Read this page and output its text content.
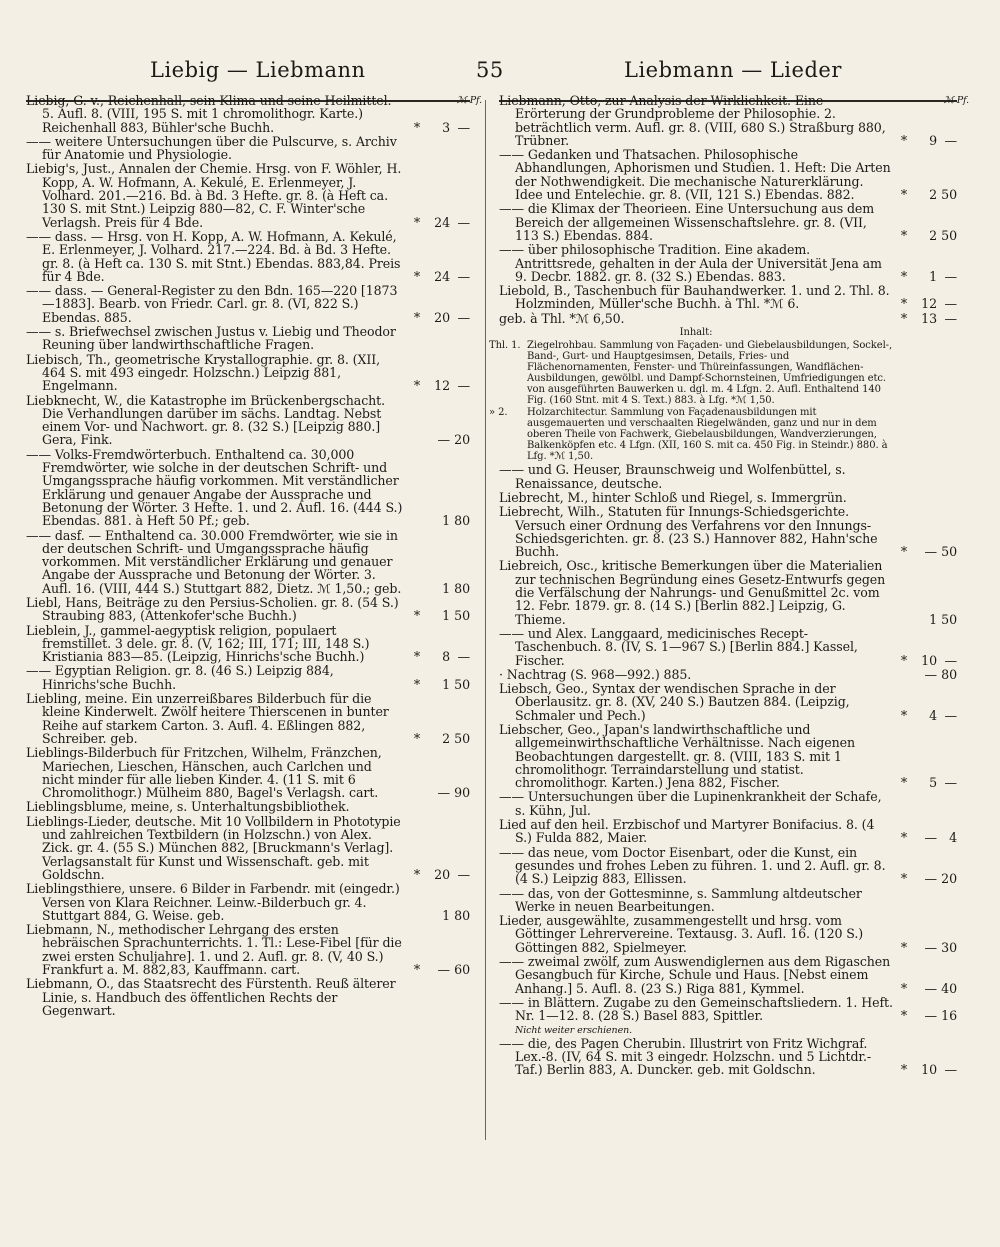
Liebig — Liebmann	55	Liebmann — Lieder
ℳ Pf.
Liebig, G. v., Reichenhall, sein Klima und seine Heilmittel. 5. Aufl. 8. (VIII, 195 S. mit 1 chromolithogr. Karte.) Reichenhall 883, Bühler'sche Buchh.	* 3 —
—— weitere Untersuchungen über die Pulscurve, s. Archiv für Anatomie und Physiologie.
Liebig's, Just., Annalen der Chemie. Hrsg. von F. Wöhler, H. Kopp, A. W. Hofmann, A. Kekulé, E. Erlenmeyer, J. Volhard. 201.—216. Bd. à Bd. 3 Hefte. gr. 8. (à Heft ca. 130 S. mit Stnt.) Leipzig 880—82, C. F. Winter'sche Verlagsh. Preis für 4 Bde.	* 24 —
—— dass. — Hrsg. von H. Kopp, A. W. Hofmann, A. Kekulé, E. Erlenmeyer, J. Volhard. 217.—224. Bd. à Bd. 3 Hefte. gr. 8. (à Heft ca. 130 S. mit Stnt.) Ebendas. 883,84. Preis für 4 Bde.	* 24 —
—— dass. — General-Register zu den Bdn. 165—220 [1873—1883]. Bearb. von Friedr. Carl. gr. 8. (VI, 822 S.) Ebendas. 885.	* 20 —
—— s. Briefwechsel zwischen Justus v. Liebig und Theodor Reuning über landwirthschaftliche Fragen.
Liebisch, Th., geometrische Krystallographie. gr. 8. (XII, 464 S. mit 493 eingedr. Holzschn.) Leipzig 881, Engelmann.	* 12 —
Liebknecht, W., die Katastrophe im Brückenbergschacht. Die Verhandlungen darüber im sächs. Landtag. Nebst einem Vor- und Nachwort. gr. 8. (32 S.) [Leipzig 880.] Gera, Fink.	— 20
—— Volks-Fremdwörterbuch. Enthaltend ca. 30,000 Fremdwörter, wie solche in der deutschen Schrift- und Umgangssprache häufig vorkommen. Mit verständlicher Erklärung und genauer Angabe der Aussprache und Betonung der Wörter. 3 Hefte. 1. und 2. Aufl. 16. (444 S.) Ebendas. 881. à Heft 50 Pf.; geb.	1 80
—— dasf. — Enthaltend ca. 30.000 Fremdwörter, wie sie in der deutschen Schrift- und Umgangssprache häufig vorkommen. Mit verständlicher Erklärung und genauer Angabe der Aussprache und Betonung der Wörter. 3. Aufl. 16. (VIII, 444 S.) Stuttgart 882, Dietz. ℳ 1,50.; geb.	1 80
Liebl, Hans, Beiträge zu den Persius-Scholien. gr. 8. (54 S.) Straubing 883, (Attenkofer'sche Buchh.)	* 1 50
Lieblein, J., gammel-aegyptisk religion, populaert fremstillet. 3 dele. gr. 8. (V, 162; III, 171; III, 148 S.) Kristiania 883—85. (Leipzig, Hinrichs'sche Buchh.)	* 8 —
—— Egyptian Religion. gr. 8. (46 S.) Leipzig 884, Hinrichs'sche Buchh.	* 1 50
Liebling, meine. Ein unzerreißbares Bilderbuch für die kleine Kinderwelt. Zwölf heitere Thierscenen in bunter Reihe auf starkem Carton. 3. Aufl. 4. Eßlingen 882, Schreiber. geb.	* 2 50
Lieblings-Bilderbuch für Fritzchen, Wilhelm, Fränzchen, Mariechen, Lieschen, Hänschen, auch Carlchen und nicht minder für alle lieben Kinder. 4. (11 S. mit 6 Chromolithogr.) Mülheim 880, Bagel's Verlagsh. cart.	— 90
Lieblingsblume, meine, s. Unterhaltungsbibliothek.
Lieblings-Lieder, deutsche. Mit 10 Vollbildern in Phototypie und zahlreichen Textbildern (in Holzschn.) von Alex. Zick. gr. 4. (55 S.) München 882, [Bruckmann's Verlag]. Verlagsanstalt für Kunst und Wissenschaft. geb. mit Goldschn.	* 20 —
Lieblingsthiere, unsere. 6 Bilder in Farbendr. mit (eingedr.) Versen von Klara Reichner. Leinw.-Bilderbuch gr. 4. Stuttgart 884, G. Weise. geb.	1 80
Liebmann, N., methodischer Lehrgang des ersten hebräischen Sprachunterrichts. 1. Tl.: Lese-Fibel [für die zwei ersten Schuljahre]. 1. und 2. Aufl. gr. 8. (V, 40 S.) Frankfurt a. M. 882,83, Kauffmann. cart.	* — 60
Liebmann, O., das Staatsrecht des Fürstenth. Reuß älterer Linie, s. Handbuch des öffentlichen Rechts der Gegenwart.
ℳ Pf.
Liebmann, Otto, zur Analysis der Wirklichkeit. Eine Erörterung der Grundprobleme der Philosophie. 2. beträchtlich verm. Aufl. gr. 8. (VIII, 680 S.) Straßburg 880, Trübner.	* 9 —
—— Gedanken und Thatsachen. Philosophische Abhandlungen, Aphorismen und Studien. 1. Heft: Die Arten der Nothwendigkeit. Die mechanische Naturerklärung. Idee und Entelechie. gr. 8. (VII, 121 S.) Ebendas. 882.	* 2 50
—— die Klimax der Theorieen. Eine Untersuchung aus dem Bereich der allgemeinen Wissenschaftslehre. gr. 8. (VII, 113 S.) Ebendas. 884.	* 2 50
—— über philosophische Tradition. Eine akadem. Antrittsrede, gehalten in der Aula der Universität Jena am 9. Decbr. 1882. gr. 8. (32 S.) Ebendas. 883.	* 1 —
Liebold, B., Taschenbuch für Bauhandwerker. 1. und 2. Thl. 8. Holzminden, Müller'sche Buchh. à Thl. *ℳ 6.	* 12 —
geb. à Thl. *ℳ 6,50.	* 13 —
Inhalt:
Thl. 1. Ziegelrohbau. Sammlung von Façaden- und Giebelausbildungen, Sockel-, Band-, Gurt- und Hauptgesimsen, Details, Fries- und Flächenornamenten, Fenster- und Thüreinfassungen, Wandflächen-Ausbildungen, gewölbl. und Dampf-Schornsteinen, Umfriedigungen etc. von ausgeführten Bauwerken u. dgl. m. 4 Lfgn. 2. Aufl. Enthaltend 140 Fig. (160 Stnt. mit 4 S. Text.) 883. à Lfg. *ℳ 1,50.
» 2. Holzarchitectur. Sammlung von Façadenausbildungen mit ausgemauerten und verschaalten Riegelwänden, ganz und nur in dem oberen Theile von Fachwerk, Giebelausbildungen, Wandverzierungen, Balkenköpfen etc. 4 Lfgn. (XII, 160 S. mit ca. 450 Fig. in Steindr.) 880. à Lfg. *ℳ 1,50.
—— und G. Heuser, Braunschweig und Wolfenbüttel, s. Renaissance, deutsche.
Liebrecht, M., hinter Schloß und Riegel, s. Immergrün.
Liebrecht, Wilh., Statuten für Innungs-Schiedsgerichte. Versuch einer Ordnung des Verfahrens vor den Innungs-Schiedsgerichten. gr. 8. (23 S.) Hannover 882, Hahn'sche Buchh.	* — 50
Liebreich, Osc., kritische Bemerkungen über die Materialien zur technischen Begründung eines Gesetz-Entwurfs gegen die Verfälschung der Nahrungs- und Genußmittel 2c. vom 12. Febr. 1879. gr. 8. (14 S.) [Berlin 882.] Leipzig, G. Thieme.	1 50
—— und Alex. Langgaard, medicinisches Recept-Taschenbuch. 8. (IV, S. 1—967 S.) [Berlin 884.] Kassel, Fischer.	* 10 —
· Nachtrag (S. 968—992.) 885.	— 80
Liebsch, Geo., Syntax der wendischen Sprache in der Oberlausitz. gr. 8. (XV, 240 S.) Bautzen 884. (Leipzig, Schmaler und Pech.)	* 4 —
Liebscher, Geo., Japan's landwirthschaftliche und allgemeinwirthschaftliche Verhältnisse. Nach eigenen Beobachtungen dargestellt. gr. 8. (VIII, 183 S. mit 1 chromolithogr. Terraindarstellung und statist. chromolithogr. Karten.) Jena 882, Fischer.	* 5 —
—— Untersuchungen über die Lupinenkrankheit der Schafe, s. Kühn, Jul.
Lied auf den heil. Erzbischof und Martyrer Bonifacius. 8. (4 S.) Fulda 882, Maier.	* — 4
—— das neue, vom Doctor Eisenbart, oder die Kunst, ein gesundes und frohes Leben zu führen. 1. und 2. Aufl. gr. 8. (4 S.) Leipzig 883, Ellissen.	* — 20
—— das, von der Gottesminne, s. Sammlung altdeutscher Werke in neuen Bearbeitungen.
Lieder, ausgewählte, zusammengestellt und hrsg. vom Göttinger Lehrervereine. Textausg. 3. Aufl. 16. (120 S.) Göttingen 882, Spielmeyer.	* — 30
—— zweimal zwölf, zum Auswendiglernen aus dem Rigaschen Gesangbuch für Kirche, Schule und Haus. [Nebst einem Anhang.] 5. Aufl. 8. (23 S.) Riga 881, Kymmel.	* — 40
—— in Blättern. Zugabe zu den Gemeinschaftsliedern. 1. Heft. Nr. 1—12. 8. (28 S.) Basel 883, Spittler.	* — 16
Nicht weiter erschienen.
—— die, des Pagen Cherubin. Illustrirt von Fritz Wichgraf. Lex.-8. (IV, 64 S. mit 3 eingedr. Holzschn. und 5 Lichtdr.-Taf.) Berlin 883, A. Duncker. geb. mit Goldschn.	* 10 —
